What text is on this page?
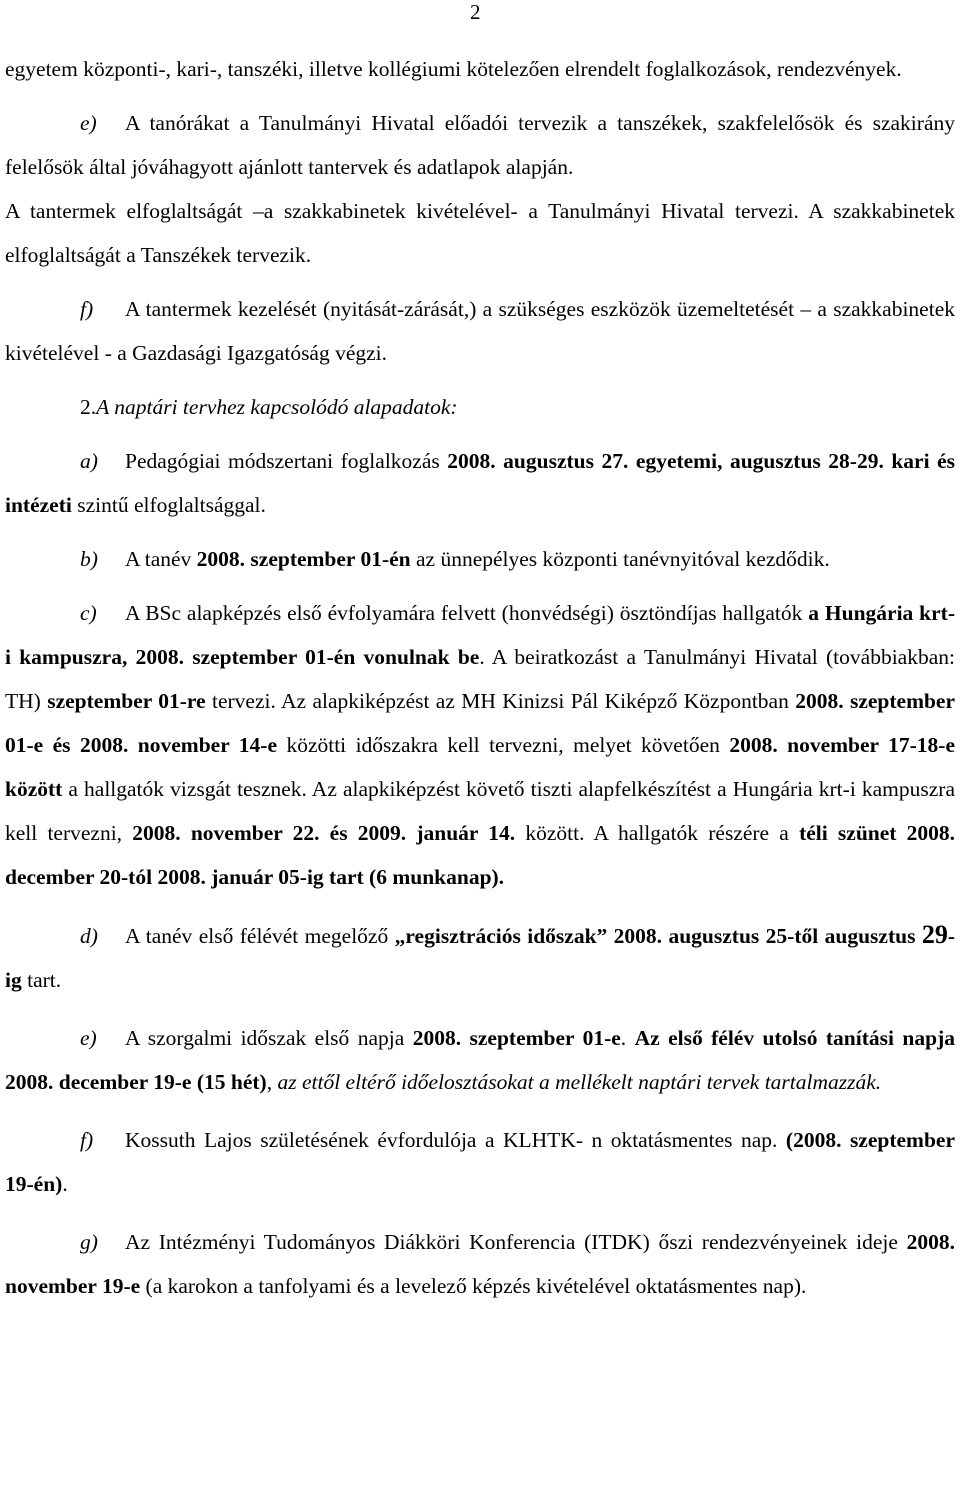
2

egyetem központi-, kari-, tanszéki, illetve kollégiumi kötelezően elrendelt foglalkozások, rendezvények.

e) A tanórákat a Tanulmányi Hivatal előadói tervezik a tanszékek, szakfelelősök és szakirány felelősök által jóváhagyott ajánlott tantervek és adatlapok alapján.

A tantermek elfoglaltságát –a szakkabinetek kivételével- a Tanulmányi Hivatal tervezi. A szakkabinetek elfoglaltságát a Tanszékek tervezik.

f) A tantermek kezelését (nyitását-zárását,) a szükséges eszközök üzemeltetését – a szakkabinetek kivételével - a Gazdasági Igazgatóság végzi.

2.A naptári tervhez kapcsolódó alapadatok:

a) Pedagógiai módszertani foglalkozás 2008. augusztus 27. egyetemi, augusztus 28-29. kari és intézeti szintű elfoglaltsággal.

b) A tanév 2008. szeptember 01-én az ünnepélyes központi tanévnyitóval kezdődik.

c) A BSc alapképzés első évfolyamára felvett (honvédségi) ösztöndíjas hallgatók a Hungária krt-i kampuszra, 2008. szeptember 01-én vonulnak be. A beiratkozást a Tanulmányi Hivatal (továbbiakban: TH) szeptember 01-re tervezi. Az alapkiképzést az MH Kinizsi Pál Kiképző Központban 2008. szeptember 01-e és 2008. november 14-e közötti időszakra kell tervezni, melyet követően 2008. november 17-18-e között a hallgatók vizsgát tesznek. Az alapkiképzést követő tiszti alapfelkészítést a Hungária krt-i kampuszra kell tervezni, 2008. november 22. és 2009. január 14. között. A hallgatók részére a téli szünet 2008. december 20-tól 2008. január 05-ig tart (6 munkanap).

d) A tanév első félévét megelőző „regisztrációs időszak” 2008. augusztus 25-től augusztus 29-ig tart.

e) A szorgalmi időszak első napja 2008. szeptember 01-e. Az első félév utolsó tanítási napja 2008. december 19-e (15 hét), az ettől eltérő időelosztásokat a mellékelt naptári tervek tartalmazzák.

f) Kossuth Lajos születésének évfordulója a KLHTK- n oktatásmentes nap. (2008. szeptember 19-én).

g) Az Intézményi Tudományos Diákköri Konferencia (ITDK) őszi rendezvényeinek ideje 2008. november 19-e (a karokon a tanfolyami és a levelező képzés kivételével oktatásmentes nap).
